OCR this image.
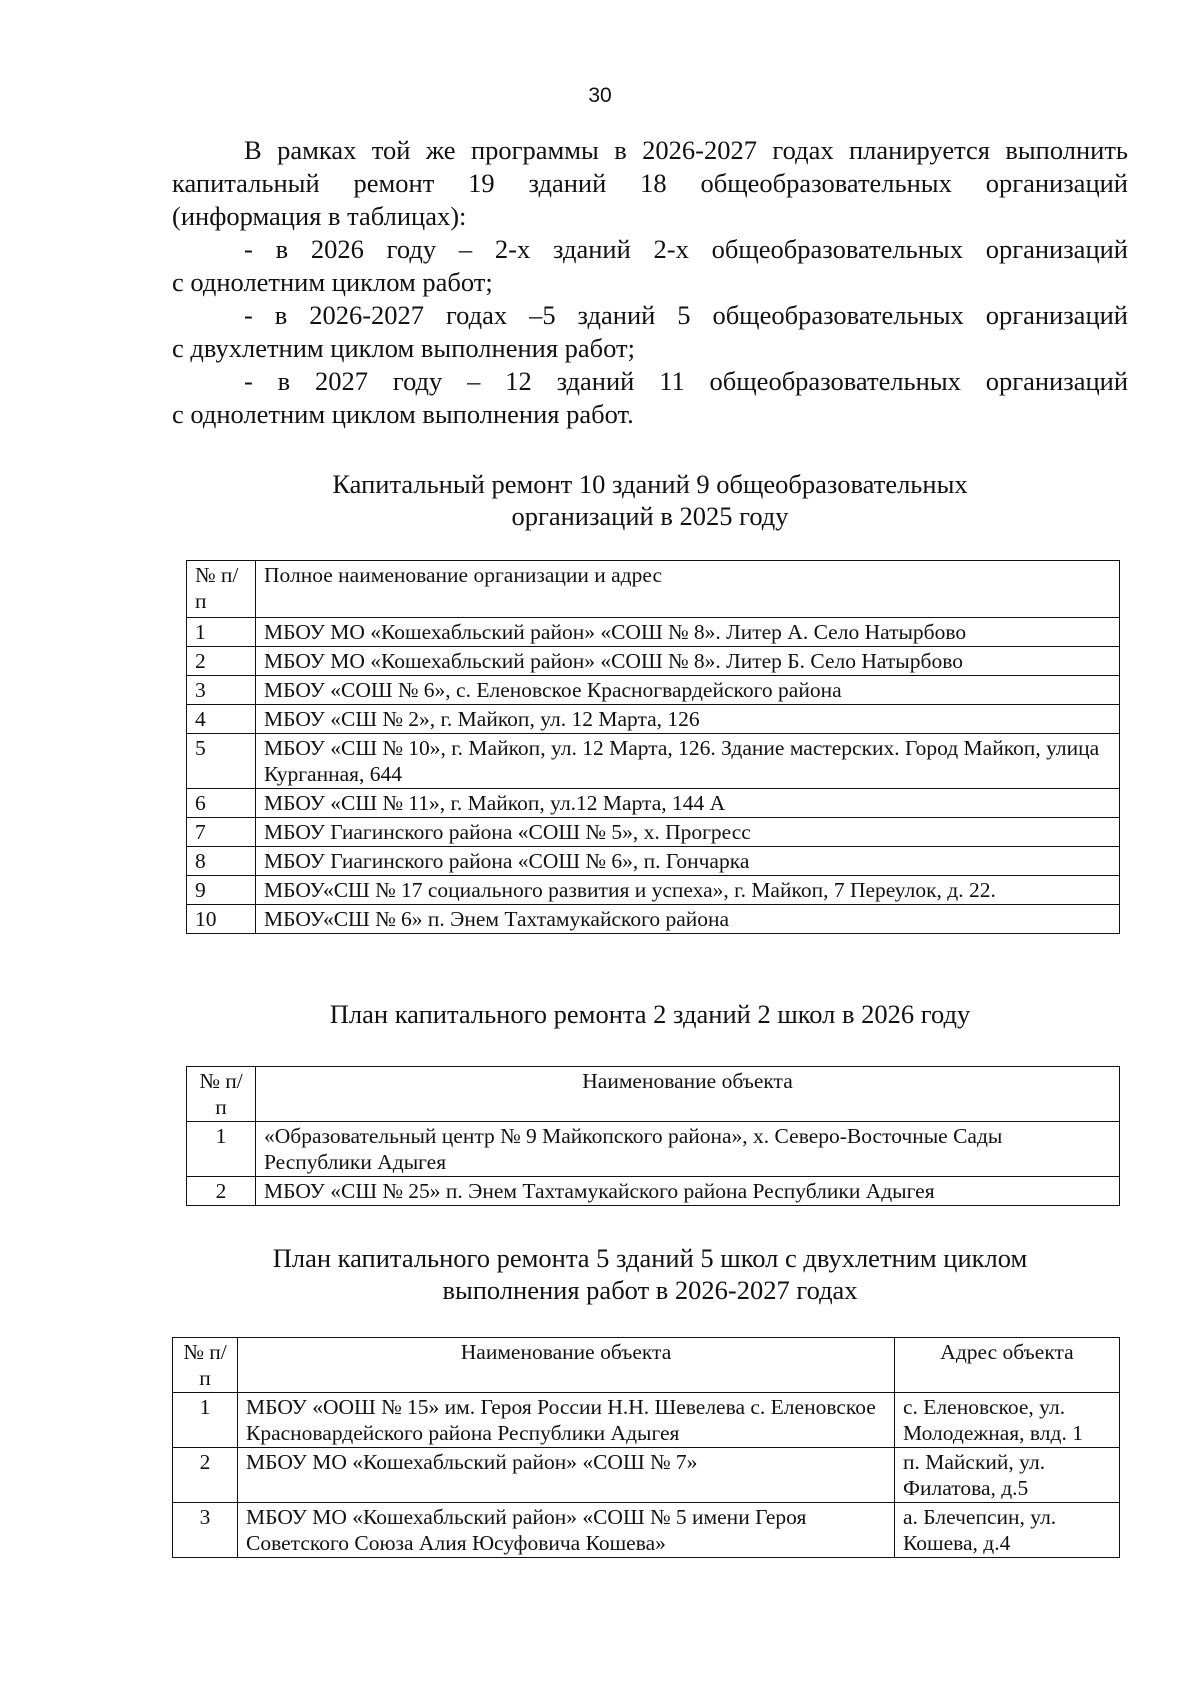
30

В рамках той же программы в 2026-2027 годах планируется выполнить

капитальный ремонт 19 зданий 18 общеобразовательных организаций

(информация в таблицах):

- в 2026 году – 2-х зданий 2-х общеобразовательных организаций

с однолетним циклом работ;

- в 2026-2027 годах –5 зданий 5 общеобразовательных организаций

с двухлетним циклом выполнения работ;

- в 2027 году – 12 зданий 11 общеобразовательных организаций

с однолетним циклом выполнения работ.

Капитальный ремонт 10 зданий 9 общеобразовательных
организаций в 2025 году
№ п/п	Полное наименование организации и адрес
1	МБОУ МО «Кошехабльский район» «СОШ № 8». Литер А. Село Натырбово
2	МБОУ МО «Кошехабльский район» «СОШ № 8». Литер Б. Село Натырбово
3	МБОУ «СОШ № 6», с. Еленовское Красногвардейского района
4	МБОУ «СШ № 2», г. Майкоп, ул. 12 Марта, 126
5	МБОУ «СШ № 10», г. Майкоп, ул. 12 Марта, 126. Здание мастерских. Город Майкоп, улица Курганная, 644
6	МБОУ «СШ № 11», г. Майкоп, ул.12 Марта, 144 А
7	МБОУ Гиагинского района «СОШ № 5», х. Прогресс
8	МБОУ Гиагинского района «СОШ № 6», п. Гончарка
9	МБОУ«СШ № 17 социального развития и успеха», г. Майкоп, 7 Переулок, д. 22.
10	МБОУ«СШ № 6» п. Энем Тахтамукайского района
План капитального ремонта 2 зданий 2 школ в 2026 году
№ п/п	Наименование объекта
1	«Образовательный центр № 9 Майкопского района», х. Северо-Восточные Сады Республики Адыгея
2	МБОУ «СШ № 25» п. Энем Тахтамукайского района Республики Адыгея
План капитального ремонта 5 зданий 5 школ с двухлетним циклом
выполнения работ в 2026-2027 годах
№ п/п	Наименование объекта	Адрес объекта
1	МБОУ «ООШ № 15» им. Героя России Н.Н. Шевелева с. Еленовское Красновардейского района Республики Адыгея	с. Еленовское, ул. Молодежная, влд. 1
2	МБОУ МО «Кошехабльский район» «СОШ № 7»	п. Майский, ул. Филатова, д.5
3	МБОУ МО «Кошехабльский район» «СОШ № 5 имени Героя Советского Союза Алия Юсуфовича Кошева»	а. Блечепсин, ул. Кошева, д.4
